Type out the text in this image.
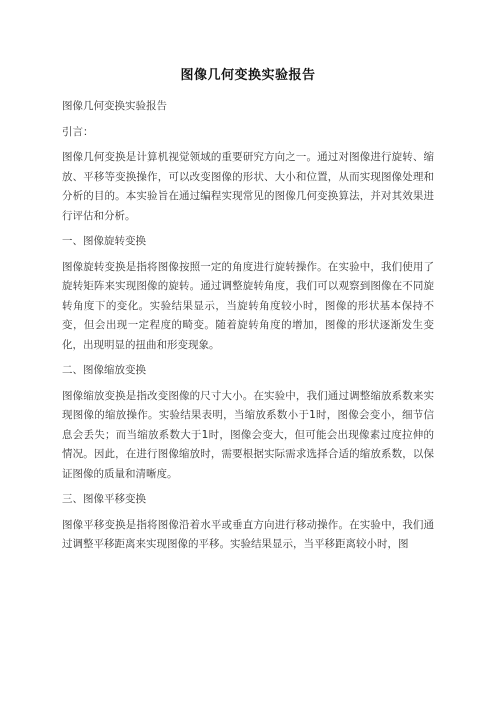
图像几何变换实验报告
图像几何变换实验报告
引言：
图像几何变换是计算机视觉领域的重要研究方向之一。通过对图像进行旋转、缩放、平移等变换操作，可以改变图像的形状、大小和位置，从而实现图像处理和分析的目的。本实验旨在通过编程实现常见的图像几何变换算法，并对其效果进行评估和分析。
一、图像旋转变换
图像旋转变换是指将图像按照一定的角度进行旋转操作。在实验中，我们使用了旋转矩阵来实现图像的旋转。通过调整旋转角度，我们可以观察到图像在不同旋转角度下的变化。实验结果显示，当旋转角度较小时，图像的形状基本保持不变，但会出现一定程度的畸变。随着旋转角度的增加，图像的形状逐渐发生变化，出现明显的扭曲和形变现象。
二、图像缩放变换
图像缩放变换是指改变图像的尺寸大小。在实验中，我们通过调整缩放系数来实现图像的缩放操作。实验结果表明，当缩放系数小于1时，图像会变小，细节信息会丢失；而当缩放系数大于1时，图像会变大，但可能会出现像素过度拉伸的情况。因此，在进行图像缩放时，需要根据实际需求选择合适的缩放系数，以保证图像的质量和清晰度。
三、图像平移变换
图像平移变换是指将图像沿着水平或垂直方向进行移动操作。在实验中，我们通过调整平移距离来实现图像的平移。实验结果显示，当平移距离较小时，图
